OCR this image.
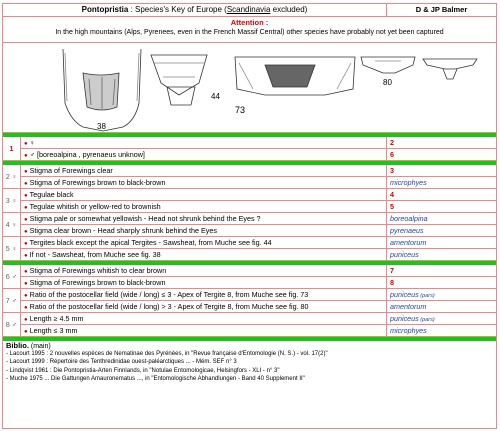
Pontopristia : Species's Key of Europe (Scandinavia excluded)	D & JP Balmer
Attention :
In the high mountains (Alps, Pyrenees, even in the French Massif Central) other species have probably not yet been captured
38
44
73
80
1	● ♀	2
● ♂ [boreoalpina , pyrenaeus unknow]	6
2 ♀	● Stigma of Forewings clear	3
● Stigma of Forewings brown to black-brown	microphyes
3 ♀	● Tegulae black	4
● Tegulae whitish or yellow-red to brownish	5
4 ♀	● Stigma pale or somewhat yellowish - Head not shrunk behind the Eyes ?	boreoalpina
● Stigma clear brown - Head sharply shrunk behind the Eyes	pyrenaeus
5 ♀	● Tergites black except the apical Tergites - Sawsheat, from Muche see fig. 44	amentorum
● If not - Sawsheat, from Muche see fig. 38	puniceus
6 ♂	● Stigma of Forewings whitish to clear brown	7
● Stigma of Forewings brown to black-brown	8
7 ♂	● Ratio of the postocellar field (wide / long) ≤ 3 - Apex of Tergite 8, from Muche see fig. 73	puniceus (pars)
● Ratio of the postocellar field (wide / long) > 3 - Apex of Tergite 8, from Muche see fig. 80	amentorum
8 ♂	● Length ≥ 4.5 mm	puniceus (pars)
● Length ≤ 3 mm	microphyes
Biblio. (main)
- Lacourt 1995 : 2 nouvelles espèces de Nematinae des Pyrénées, in "Revue française d'Entomologie (N. S.) - vol. 17(2)"
- Lacourt 1999 : Répertoire des Tenthredinidae ouest-paléarctiques ... - Mém. SEF n° 3
- Lindqvist 1961 : Die Pontopristia-Arten Finnlands, in "Notulae Entomologicae, Helsingfors - XLI - n° 3"
- Muche 1975 ... Die Gattungen Amauronematus ..., in "Entomologische Abhandlungen - Band 40 Supplement II"
